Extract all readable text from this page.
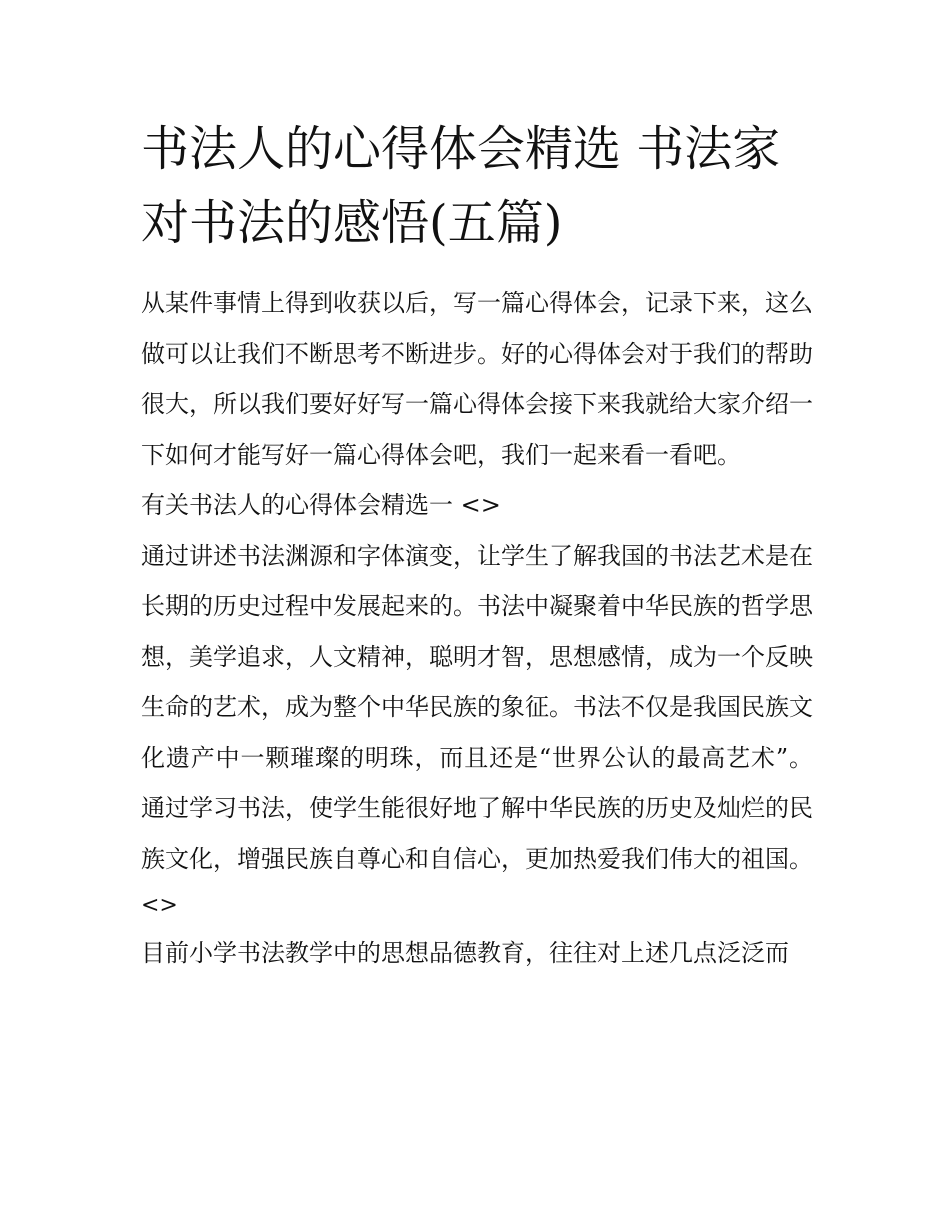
书法人的心得体会精选 书法家对书法的感悟(五篇)

从某件事情上得到收获以后，写一篇心得体会，记录下来，这么做可以让我们不断思考不断进步。好的心得体会对于我们的帮助很大，所以我们要好好写一篇心得体会接下来我就给大家介绍一下如何才能写好一篇心得体会吧，我们一起来看一看吧。

有关书法人的心得体会精选一 <>

通过讲述书法渊源和字体演变，让学生了解我国的书法艺术是在长期的历史过程中发展起来的。书法中凝聚着中华民族的哲学思想，美学追求，人文精神，聪明才智，思想感情，成为一个反映生命的艺术，成为整个中华民族的象征。书法不仅是我国民族文化遗产中一颗璀璨的明珠，而且还是“世界公认的最高艺术”。通过学习书法，使学生能很好地了解中华民族的历史及灿烂的民族文化，增强民族自尊心和自信心，更加热爱我们伟大的祖国。

<>

目前小学书法教学中的思想品德教育，往往对上述几点泛泛而
